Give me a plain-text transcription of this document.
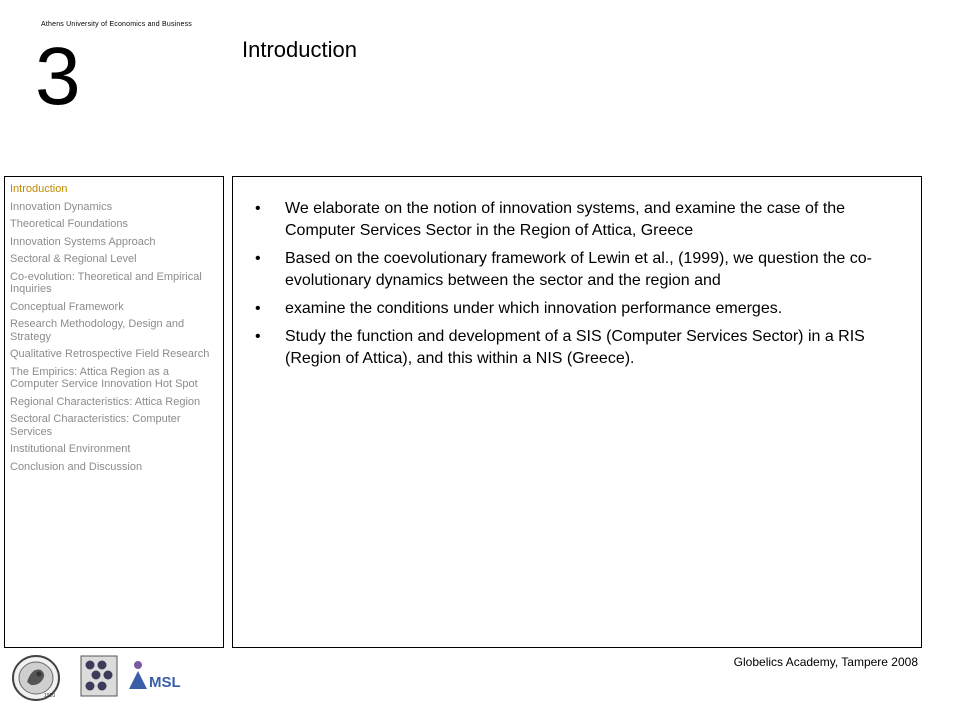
Athens University of Economics and Business
3	Introduction
Introduction
Innovation Dynamics
Theoretical Foundations
Innovation Systems Approach
Sectoral & Regional Level
Co-evolution: Theoretical and Empirical Inquiries
Conceptual Framework
Research Methodology, Design and Strategy
Qualitative Retrospective Field Research
The Empirics: Attica Region as a Computer Service Innovation Hot Spot
Regional Characteristics: Attica Region
Sectoral Characteristics: Computer Services
Institutional Environment
Conclusion and Discussion
• We elaborate on the notion of innovation systems, and examine the case of the Computer Services Sector in the Region of Attica, Greece
• Based on the coevolutionary framework of Lewin et al., (1999), we question the co-evolutionary dynamics between the sector and the region and
• examine the conditions under which innovation performance emerges.
• Study the function and development of a SIS (Computer Services Sector) in a RIS (Region of Attica), and this within a NIS (Greece).
1920
MSL
Globelics Academy, Tampere 2008
